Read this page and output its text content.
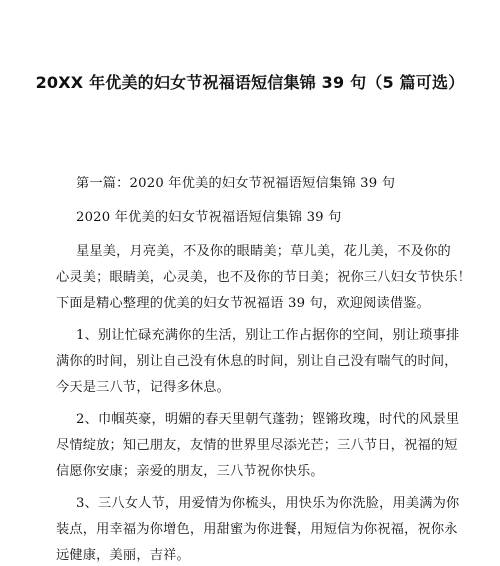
20XX 年优美的妇女节祝福语短信集锦 39 句（5 篇可选）
第一篇：2020 年优美的妇女节祝福语短信集锦 39 句
2020 年优美的妇女节祝福语短信集锦 39 句
星星美，月亮美，不及你的眼睛美；草儿美，花儿美，不及你的
心灵美；眼睛美，心灵美，也不及你的节日美；祝你三八妇女节快乐！
下面是精心整理的优美的妇女节祝福语 39 句，欢迎阅读借鉴。
1、别让忙碌充满你的生活，别让工作占据你的空间，别让琐事排
满你的时间，别让自己没有休息的时间，别让自己没有喘气的时间，
今天是三八节，记得多休息。
2、巾帼英豪，明媚的春天里朝气蓬勃；铿锵玫瑰，时代的风景里
尽情绽放；知己朋友，友情的世界里尽添光芒；三八节日，祝福的短
信愿你安康；亲爱的朋友，三八节祝你快乐。
3、三八女人节，用爱情为你梳头，用快乐为你洗脸，用美满为你
装点，用幸福为你增色，用甜蜜为你进餐，用短信为你祝福，祝你永
远健康，美丽，吉祥。
